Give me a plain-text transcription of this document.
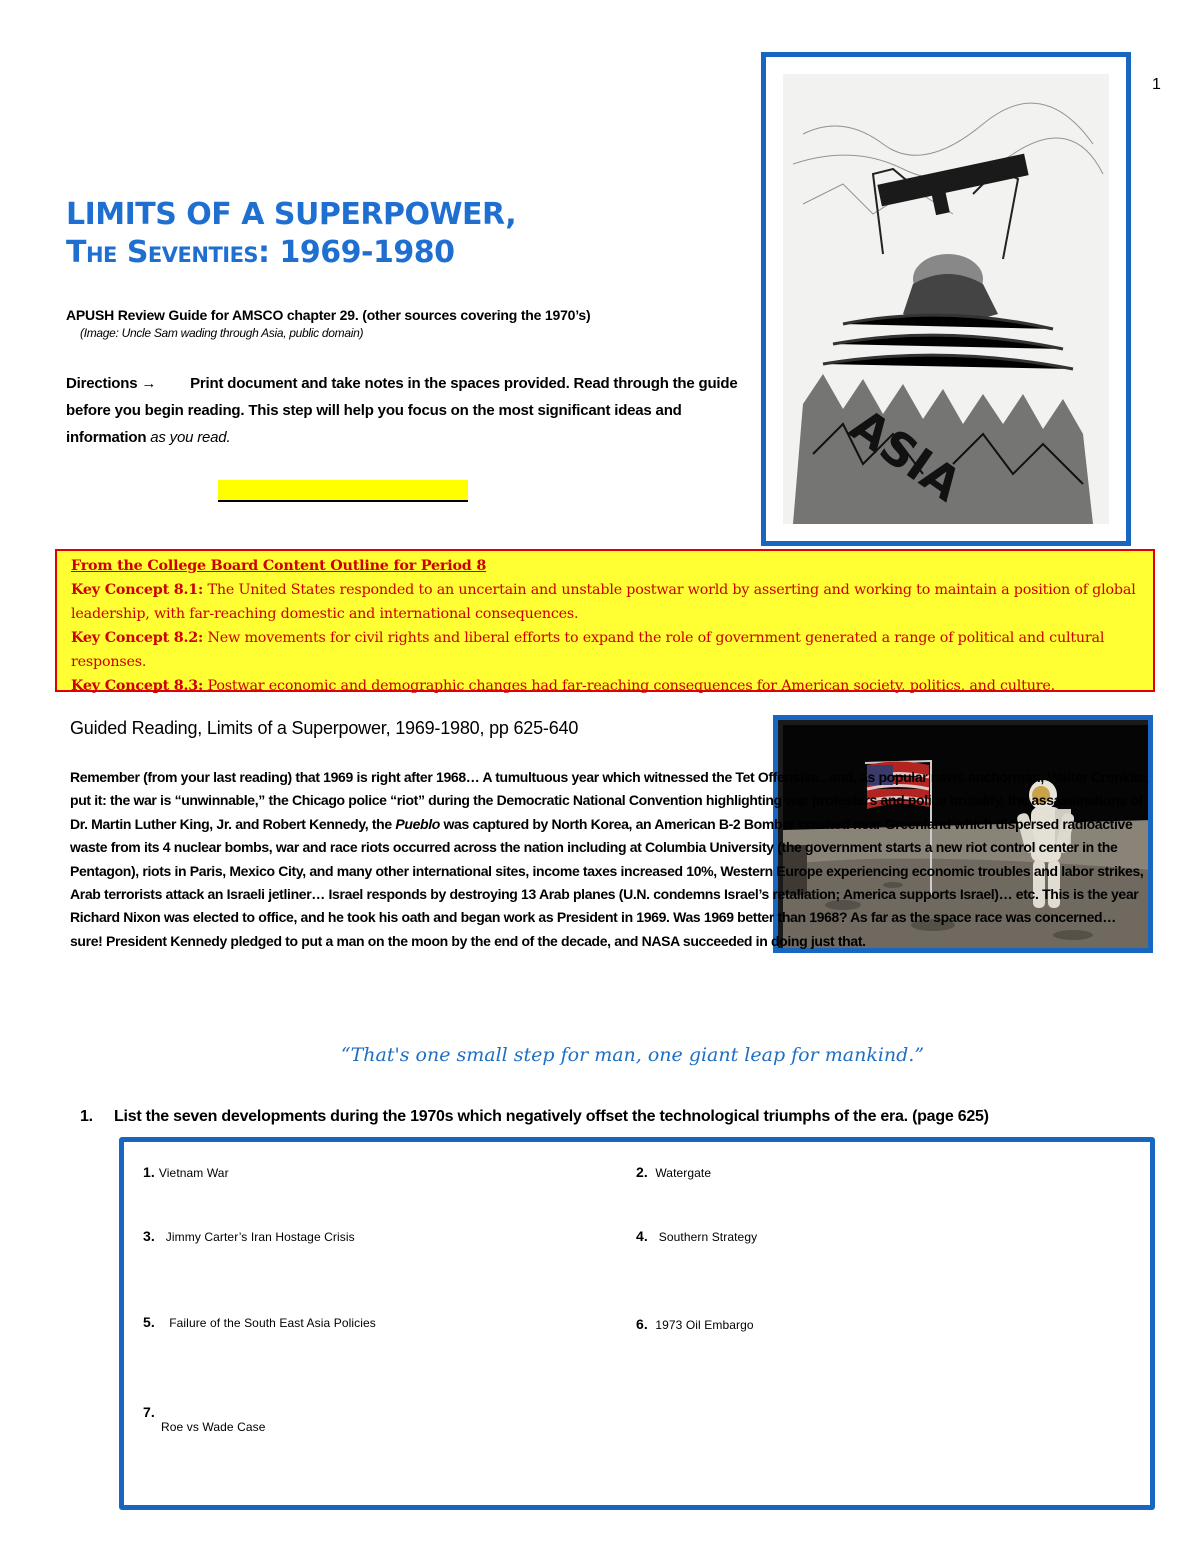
1
LIMITS OF A SUPERPOWER,
The Seventies: 1969-1980
APUSH Review Guide for AMSCO chapter 29. (other sources covering the 1970’s)
(Image: Uncle Sam wading through Asia, public domain)
Directions → Print document and take notes in the spaces provided. Read through the guide before you begin reading. This step will help you focus on the most significant ideas and information as you read.	ASIA
From the College Board Content Outline for Period 8
Key Concept 8.1: The United States responded to an uncertain and unstable postwar world by asserting and working to maintain a position of global leadership, with far-reaching domestic and international consequences.
Key Concept 8.2: New movements for civil rights and liberal efforts to expand the role of government generated a range of political and cultural responses.
Key Concept 8.3: Postwar economic and demographic changes had far-reaching consequences for American society, politics, and culture.
Guided Reading, Limits of a Superpower, 1969-1980, pp 625-640
Remember (from your last reading) that 1969 is right after 1968… A tumultuous year which witnessed the Tet Offensive.. and, as popular news anchorman, Walter Cronkite, put it: the war is “unwinnable,” the Chicago police “riot” during the Democratic National Convention highlighting war protesters and police brutality, the assassinations of Dr. Martin Luther King, Jr. and Robert Kennedy, the Pueblo was captured by North Korea, an American B-2 Bomber crashed near Greenland which dispersed radioactive waste from its 4 nuclear bombs, war and race riots occurred across the nation including at Columbia University (the government starts a new riot control center in the Pentagon), riots in Paris, Mexico City, and many other international sites, income taxes increased 10%, Western Europe experiencing economic troubles and labor strikes, Arab terrorists attack an Israeli jetliner… Israel responds by destroying 13 Arab planes (U.N. condemns Israel’s retaliation; America supports Israel)… etc. This is the year Richard Nixon was elected to office, and he took his oath and began work as President in 1969. Was 1969 better than 1968? As far as the space race was concerned… sure! President Kennedy pledged to put a man on the moon by the end of the decade, and NASA succeeded in doing just that.
“That's one small step for man, one giant leap for mankind.”
1. List the seven developments during the 1970s which negatively offset the technological triumphs of the era. (page 625)
1. Vietnam War	2. Watergate
3. Jimmy Carter’s Iran Hostage Crisis	4. Southern Strategy
5. Failure of the South East Asia Policies	6. 1973 Oil Embargo
7.
Roe vs Wade Case
